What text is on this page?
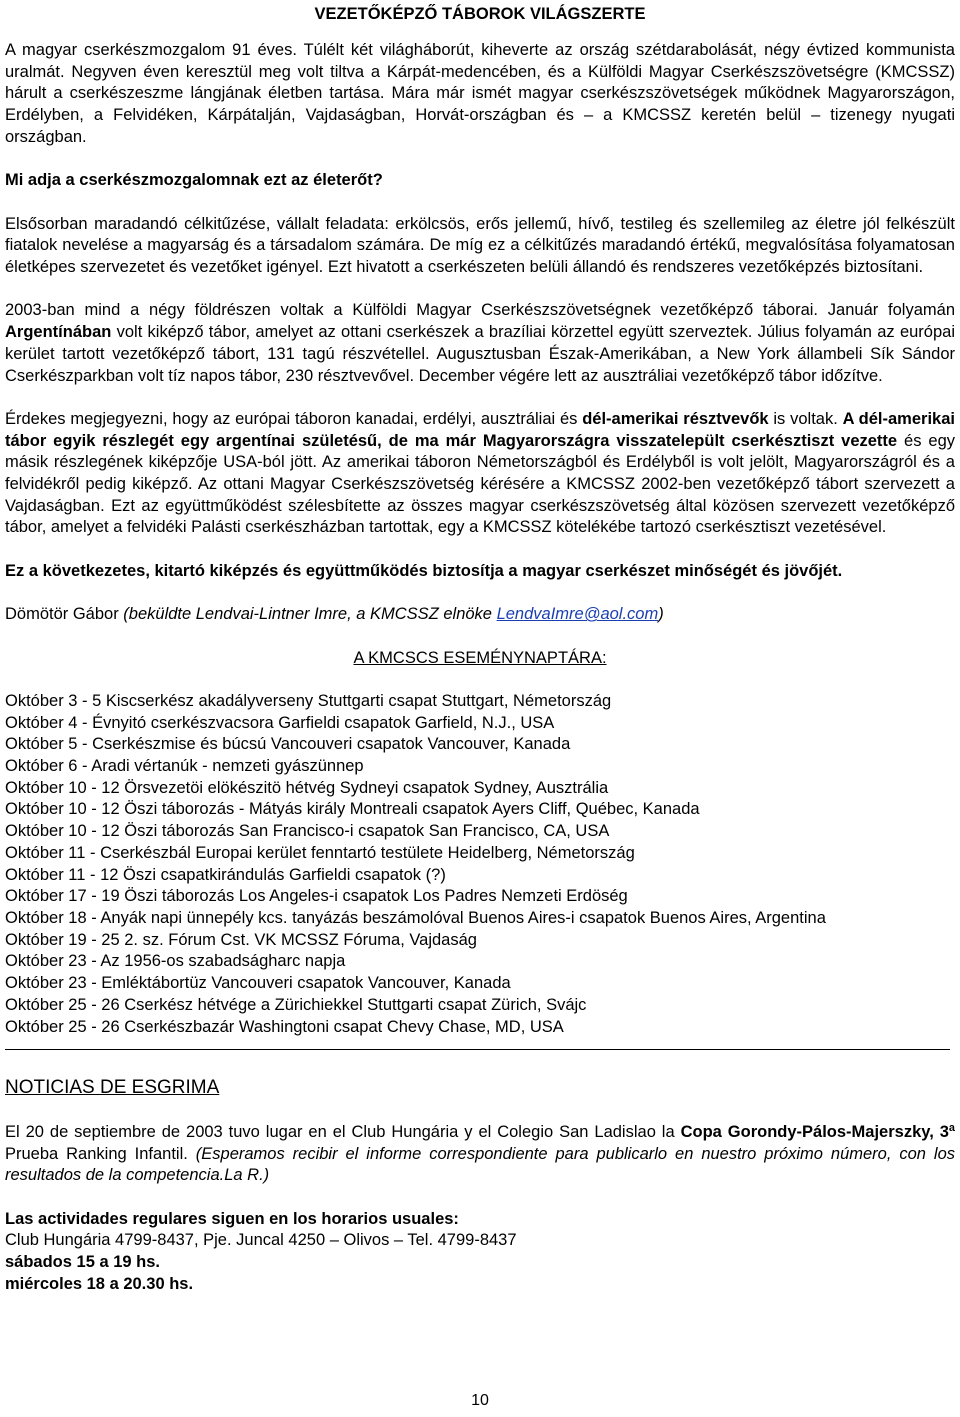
VEZETŐKÉPZŐ TÁBOROK VILÁGSZERTE

A magyar cserkészmozgalom 91 éves. Túlélt két világháborút, kiheverte az ország szétdarabolását, négy évtized kommunista uralmát. Negyven éven keresztül meg volt tiltva a Kárpát-medencében, és a Külföldi Magyar Cserkészszövetségre (KMCSSZ) hárult a cserkészeszme lángjának életben tartása. Mára már ismét magyar cserkészszövetségek működnek Magyarországon, Erdélyben, a Felvidéken, Kárpátalján, Vajdaságban, Horvát-országban és – a KMCSSZ keretén belül – tizenegy nyugati országban.

Mi adja a cserkészmozgalomnak ezt az életerőt?

Elsősorban maradandó célkitűzése, vállalt feladata: erkölcsös, erős jellemű, hívő, testileg és szellemileg az életre jól felkészült fiatalok nevelése a magyarság és a társadalom számára. De míg ez a célkitűzés maradandó értékű, megvalósítása folyamatosan életképes szervezetet és vezetőket igényel. Ezt hivatott a cserkészeten belüli állandó és rendszeres vezetőképzés biztosítani.

2003-ban mind a négy földrészen voltak a Külföldi Magyar Cserkészszövetségnek vezetőképző táborai. Január folyamán Argentínában volt kiképző tábor, amelyet az ottani cserkészek a brazíliai körzettel együtt szerveztek. Július folyamán az európai kerület tartott vezetőképző tábort, 131 tagú részvétellel. Augusztusban Észak-Amerikában, a New York állambeli Sík Sándor Cserkészparkban volt tíz napos tábor, 230 résztvevővel. December végére lett az ausztráliai vezetőképző tábor időzítve.

Érdekes megjegyezni, hogy az európai táboron kanadai, erdélyi, ausztráliai és dél-amerikai résztvevők is voltak. A dél-amerikai tábor egyik részlegét egy argentínai születésű, de ma már Magyarországra visszatelepült cserkésztiszt vezette és egy másik részlegének kiképzője USA-ból jött. Az amerikai táboron Németországból és Erdélyből is volt jelölt, Magyarországról és a felvidékről pedig kiképző. Az ottani Magyar Cserkészszövetség kérésére a KMCSSZ 2002-ben vezetőképző tábort szervezett a Vajdaságban. Ezt az együttműködést szélesbítette az összes magyar cserkészszövetség által közösen szervezett vezetőképző tábor, amelyet a felvidéki Palásti cserkészházban tartottak, egy a KMCSSZ kötelékébe tartozó cserkésztiszt vezetésével.

Ez a következetes, kitartó kiképzés és együttműködés biztosítja a magyar cserkészet minőségét és jövőjét.

Dömötör Gábor (beküldte Lendvai-Lintner Imre, a KMCSSZ elnöke LendvaImre@aol.com)

A KMCSCS ESEMÉNYNAPTÁRA:
Október 3 - 5 Kiscserkész akadályverseny Stuttgarti csapat Stuttgart, Németország
Október 4 - Évnyitó cserkészvacsora Garfieldi csapatok Garfield, N.J., USA
Október 5 - Cserkészmise és búcsú Vancouveri csapatok Vancouver, Kanada
Október 6 - Aradi vértanúk - nemzeti gyászünnep
Október 10 - 12 Örsvezetöi elökészitö hétvég Sydneyi csapatok Sydney, Ausztrália
Október 10 - 12 Öszi táborozás - Mátyás király Montreali csapatok Ayers Cliff, Québec, Kanada
Október 10 - 12 Öszi táborozás San Francisco-i csapatok San Francisco, CA, USA
Október 11 - Cserkészbál Europai kerület fenntartó testülete Heidelberg, Németország
Október 11 - 12 Öszi csapatkirándulás Garfieldi csapatok (?)
Október 17 - 19 Öszi táborozás Los Angeles-i csapatok Los Padres Nemzeti Erdöség
Október 18 - Anyák napi ünnepély kcs. tanyázás beszámolóval Buenos Aires-i csapatok Buenos Aires, Argentina
Október 19 - 25 2. sz. Fórum Cst. VK MCSSZ Fóruma, Vajdaság
Október 23 - Az 1956-os szabadságharc napja
Október 23 - Emléktábortüz Vancouveri csapatok Vancouver, Kanada
Október 25 - 26 Cserkész hétvége a Zürichiekkel Stuttgarti csapat Zürich, Svájc
Október 25 - 26 Cserkészbazár Washingtoni csapat Chevy Chase, MD, USA
NOTICIAS DE ESGRIMA

El 20 de septiembre de 2003 tuvo lugar en el Club Hungária y el Colegio San Ladislao la Copa Gorondy-Pálos-Majerszky, 3ª Prueba Ranking Infantil. (Esperamos recibir el informe correspondiente para publicarlo en nuestro próximo número, con los resultados de la competencia.La R.)

Las actividades regulares siguen en los horarios usuales:

Club Hungária 4799-8437, Pje. Juncal 4250 – Olivos – Tel. 4799-8437

sábados 15 a 19 hs.

miércoles 18 a 20.30 hs.

10
